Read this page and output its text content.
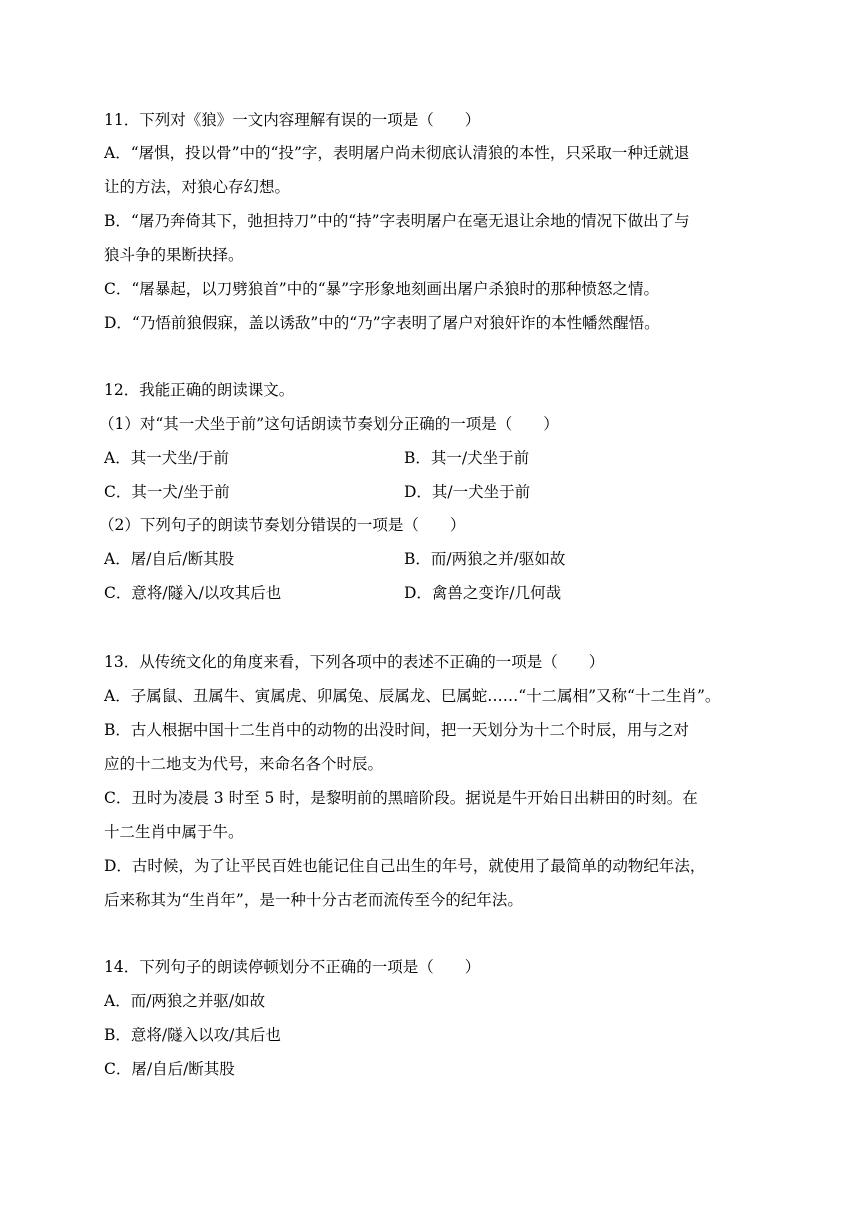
11．下列对《狼》一文内容理解有误的一项是（　　）
A．“屠惧，投以骨”中的“投”字，表明屠户尚未彻底认清狼的本性，只采取一种迁就退
让的方法，对狼心存幻想。
B．“屠乃奔倚其下，弛担持刀”中的“持”字表明屠户在毫无退让余地的情况下做出了与
狼斗争的果断抉择。
C．“屠暴起，以刀劈狼首”中的“暴”字形象地刻画出屠户杀狼时的那种愤怒之情。
D．“乃悟前狼假寐，盖以诱敌”中的“乃”字表明了屠户对狼奸诈的本性幡然醒悟。
12．我能正确的朗读课文。
（1）对“其一犬坐于前”这句话朗读节奏划分正确的一项是（　　）
A．其一犬坐/于前	B．其一/犬坐于前
C．其一犬/坐于前	D．其/一犬坐于前
（2）下列句子的朗读节奏划分错误的一项是（　　）
A．屠/自后/断其股	B．而/两狼之并/驱如故
C．意将/隧入/以攻其后也	D．禽兽之变诈/几何哉
13．从传统文化的角度来看，下列各项中的表述不正确的一项是（　　）
A．子属鼠、丑属牛、寅属虎、卯属兔、辰属龙、巳属蛇……“十二属相”又称“十二生肖”。
B．古人根据中国十二生肖中的动物的出没时间，把一天划分为十二个时辰，用与之对
应的十二地支为代号，来命名各个时辰。
C．丑时为凌晨 3 时至 5 时，是黎明前的黑暗阶段。据说是牛开始日出耕田的时刻。在
十二生肖中属于牛。
D．古时候，为了让平民百姓也能记住自己出生的年号，就使用了最简单的动物纪年法，
后来称其为“生肖年”，是一种十分古老而流传至今的纪年法。
14．下列句子的朗读停顿划分不正确的一项是（　　）
A．而/两狼之并驱/如故
B．意将/隧入以攻/其后也
C．屠/自后/断其股
